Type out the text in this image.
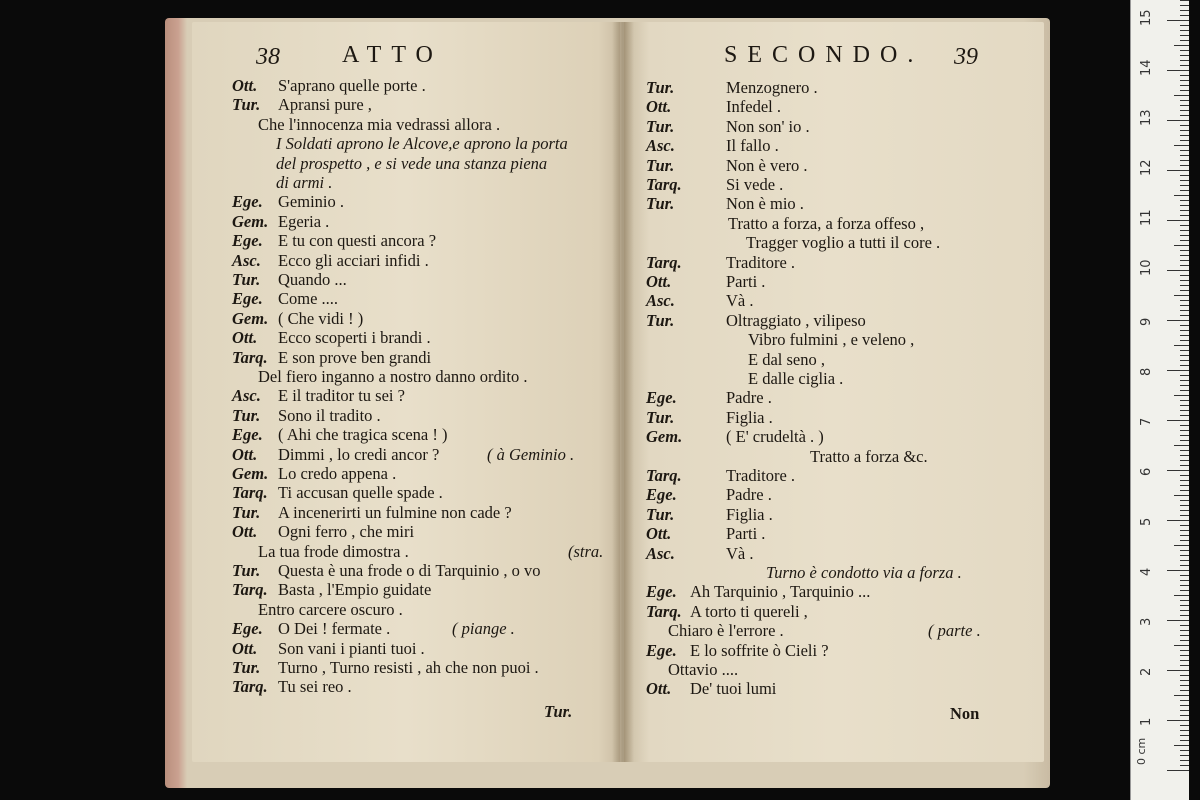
38	ATTO
Ott. S'aprano quelle porte .
Tur. Apransi pure ,
Che l'innocenza mia vedrassi allora .
I Soldati aprono le Alcove,e aprono la porta
del prospetto , e si vede una stanza piena
di armi .
Ege. Geminio .
Gem. Egeria .
Ege. E tu con questi ancora ?
Asc. Ecco gli acciari infidi .
Tur. Quando ...
Ege. Come ....
Gem. ( Che vidi ! )
Ott. Ecco scoperti i brandi .
Tarq. E son prove ben grandi
Del fiero inganno a nostro danno ordito .
Asc. E il traditor tu sei ?
Tur. Sono il tradito .
Ege. ( Ahi che tragica scena ! )
Ott. Dimmi , lo credi ancor ?	( à Geminio .
Gem. Lo credo appena .
Tarq. Ti accusan quelle spade .
Tur. A incenerirti un fulmine non cade ?
Ott. Ogni ferro , che miri
La tua frode dimostra .	(stra.
Tur. Questa è una frode o di Tarquinio , o vo
Tarq. Basta , l'Empio guidate
Entro carcere oscuro .
Ege. O Dei ! fermate .	( piange .
Ott. Son vani i pianti tuoi .
Tur. Turno , Turno resisti , ah che non puoi .
Tarq. Tu sei reo .
Tur.
SECONDO. 39
Tur.	Menzognero .
Ott.	Infedel .
Tur.	Non son' io .
Asc.	Il fallo .
Tur.	Non è vero .
Tarq.	Si vede .
Tur.	Non è mio .
Tratto a forza, a forza offeso ,
Tragger voglio a tutti il core .
Tarq.	Traditore .
Ott.	Parti .
Asc.	Và .
Tur.	Oltraggiato , vilipeso
Vibro fulmini , e veleno ,
E dal seno ,
E dalle ciglia .
Ege.	Padre .
Tur.	Figlia .
Gem.	( E' crudeltà . )
Tratto a forza &c.
Tarq.	Traditore .
Ege.	Padre .
Tur.	Figlia .
Ott.	Parti .
Asc.	Và .
Turno è condotto via a forza .
Ege. Ah Tarquinio , Tarquinio ...
Tarq. A torto ti quereli ,
Chiaro è l'errore .	( parte .
Ege. E lo soffrite ò Cieli ?
Ottavio ....
Ott. De' tuoi lumi
Non
0 cm
1
2
3
4
5
6
7
8
9
10
11
12
13
14
15
